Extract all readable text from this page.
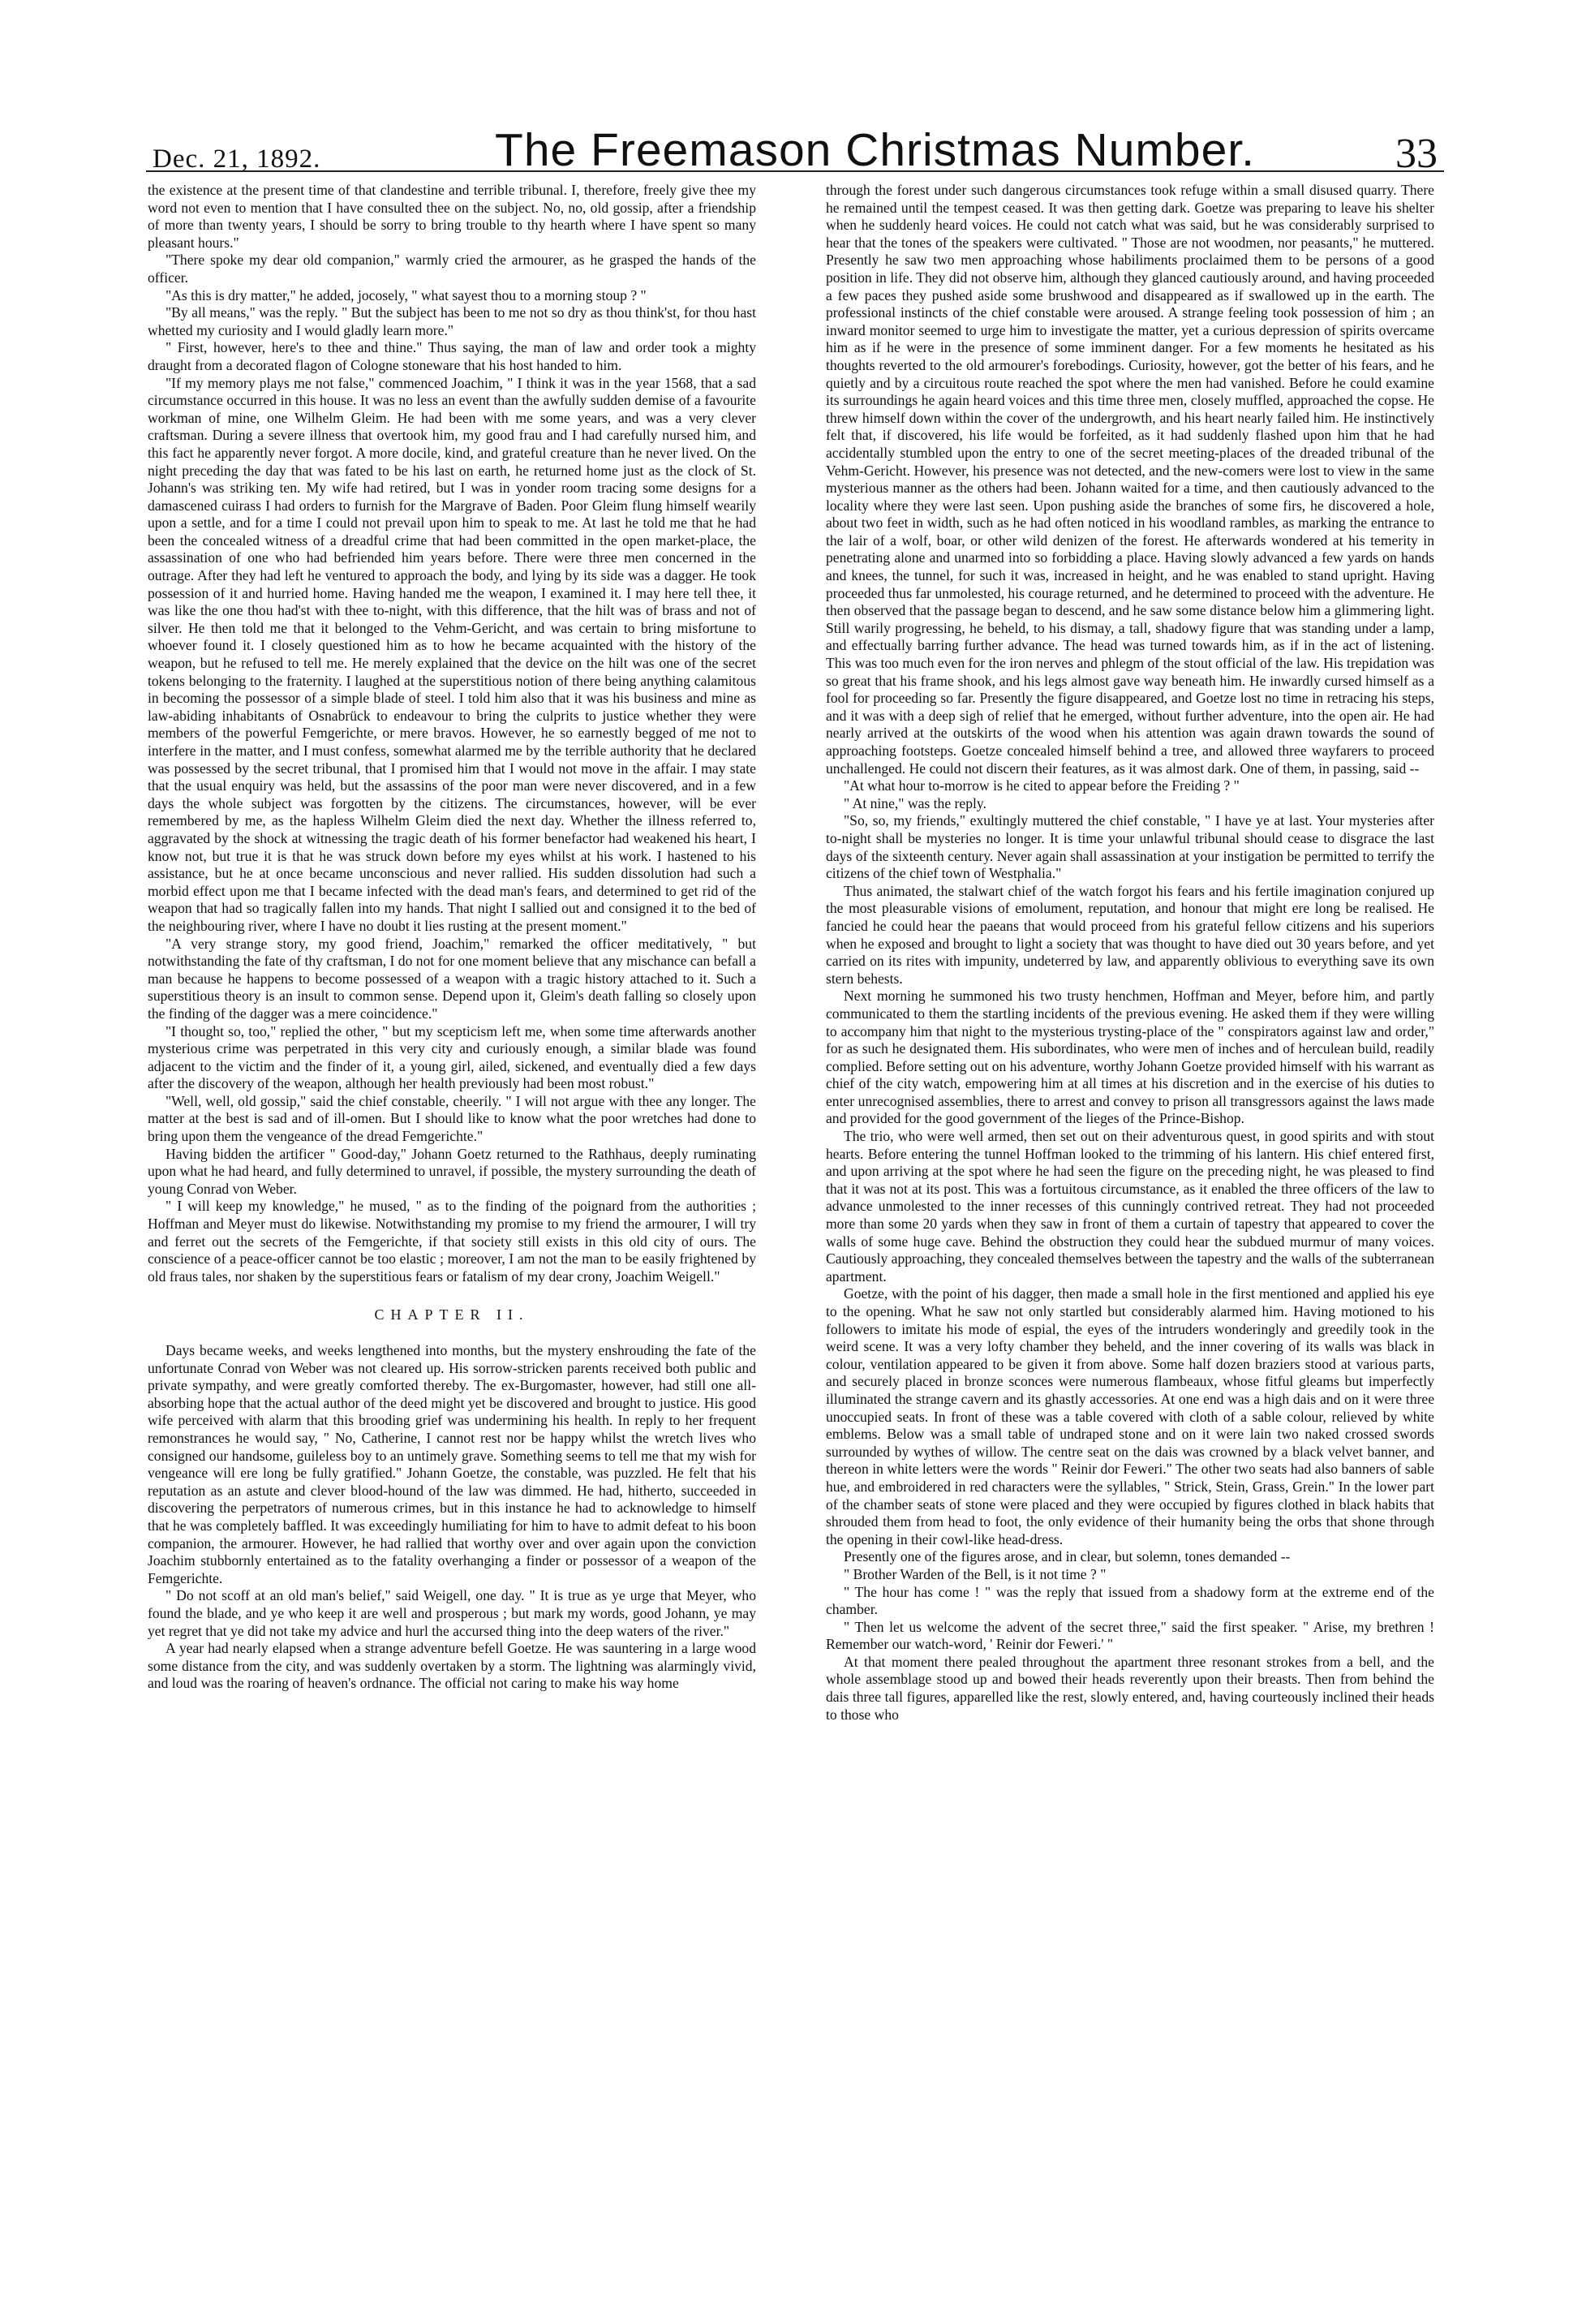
Dec. 21, 1892.	The Freemason Christmas Number.	33

the existence at the present time of that clandestine and terrible tribunal. I, therefore, freely give thee my word not even to mention that I have consulted thee on the subject. No, no, old gossip, after a friendship of more than twenty years, I should be sorry to bring trouble to thy hearth where I have spent so many pleasant hours."

"There spoke my dear old companion," warmly cried the armourer, as he grasped the hands of the officer.

"As this is dry matter," he added, jocosely, " what sayest thou to a morning stoup ? "

"By all means," was the reply. " But the subject has been to me not so dry as thou think'st, for thou hast whetted my curiosity and I would gladly learn more."

" First, however, here's to thee and thine." Thus saying, the man of law and order took a mighty draught from a decorated flagon of Cologne stoneware that his host handed to him.

"If my memory plays me not false," commenced Joachim, " I think it was in the year 1568, that a sad circumstance occurred in this house. It was no less an event than the awfully sudden demise of a favourite workman of mine, one Wilhelm Gleim. He had been with me some years, and was a very clever craftsman. During a severe illness that overtook him, my good frau and I had carefully nursed him, and this fact he apparently never forgot. A more docile, kind, and grateful creature than he never lived. On the night preceding the day that was fated to be his last on earth, he returned home just as the clock of St. Johann's was striking ten. My wife had retired, but I was in yonder room tracing some designs for a damascened cuirass I had orders to furnish for the Margrave of Baden. Poor Gleim flung himself wearily upon a settle, and for a time I could not prevail upon him to speak to me. At last he told me that he had been the concealed witness of a dreadful crime that had been committed in the open market-place, the assassination of one who had befriended him years before. There were three men concerned in the outrage. After they had left he ventured to approach the body, and lying by its side was a dagger. He took possession of it and hurried home. Having handed me the weapon, I examined it. I may here tell thee, it was like the one thou had'st with thee to-night, with this difference, that the hilt was of brass and not of silver. He then told me that it belonged to the Vehm-Gericht, and was certain to bring misfortune to whoever found it. I closely questioned him as to how he became acquainted with the history of the weapon, but he refused to tell me. He merely explained that the device on the hilt was one of the secret tokens belonging to the fraternity. I laughed at the superstitious notion of there being anything calamitous in becoming the possessor of a simple blade of steel. I told him also that it was his business and mine as law-abiding inhabitants of Osnabrück to endeavour to bring the culprits to justice whether they were members of the powerful Femgerichte, or mere bravos. However, he so earnestly begged of me not to interfere in the matter, and I must confess, somewhat alarmed me by the terrible authority that he declared was possessed by the secret tribunal, that I promised him that I would not move in the affair. I may state that the usual enquiry was held, but the assassins of the poor man were never discovered, and in a few days the whole subject was forgotten by the citizens. The circumstances, however, will be ever remembered by me, as the hapless Wilhelm Gleim died the next day. Whether the illness referred to, aggravated by the shock at witnessing the tragic death of his former benefactor had weakened his heart, I know not, but true it is that he was struck down before my eyes whilst at his work. I hastened to his assistance, but he at once became unconscious and never rallied. His sudden dissolution had such a morbid effect upon me that I became infected with the dead man's fears, and determined to get rid of the weapon that had so tragically fallen into my hands. That night I sallied out and consigned it to the bed of the neighbouring river, where I have no doubt it lies rusting at the present moment."

"A very strange story, my good friend, Joachim," remarked the officer meditatively, " but notwithstanding the fate of thy craftsman, I do not for one moment believe that any mischance can befall a man because he happens to become possessed of a weapon with a tragic history attached to it. Such a superstitious theory is an insult to common sense. Depend upon it, Gleim's death falling so closely upon the finding of the dagger was a mere coincidence."

"I thought so, too," replied the other, " but my scepticism left me, when some time afterwards another mysterious crime was perpetrated in this very city and curiously enough, a similar blade was found adjacent to the victim and the finder of it, a young girl, ailed, sickened, and eventually died a few days after the discovery of the weapon, although her health previously had been most robust."

"Well, well, old gossip," said the chief constable, cheerily. " I will not argue with thee any longer. The matter at the best is sad and of ill-omen. But I should like to know what the poor wretches had done to bring upon them the vengeance of the dread Femgerichte."

Having bidden the artificer " Good-day," Johann Goetz returned to the Rathhaus, deeply ruminating upon what he had heard, and fully determined to unravel, if possible, the mystery surrounding the death of young Conrad von Weber.

" I will keep my knowledge," he mused, " as to the finding of the poignard from the authorities ; Hoffman and Meyer must do likewise. Notwithstanding my promise to my friend the armourer, I will try and ferret out the secrets of the Femgerichte, if that society still exists in this old city of ours. The conscience of a peace-officer cannot be too elastic ; moreover, I am not the man to be easily frightened by old fraus tales, nor shaken by the superstitious fears or fatalism of my dear crony, Joachim Weigell."

CHAPTER II.

Days became weeks, and weeks lengthened into months, but the mystery enshrouding the fate of the unfortunate Conrad von Weber was not cleared up. His sorrow-stricken parents received both public and private sympathy, and were greatly comforted thereby. The ex-Burgomaster, however, had still one all-absorbing hope that the actual author of the deed might yet be discovered and brought to justice. His good wife perceived with alarm that this brooding grief was undermining his health. In reply to her frequent remonstrances he would say, " No, Catherine, I cannot rest nor be happy whilst the wretch lives who consigned our handsome, guileless boy to an untimely grave. Something seems to tell me that my wish for vengeance will ere long be fully gratified." Johann Goetze, the constable, was puzzled. He felt that his reputation as an astute and clever blood-hound of the law was dimmed. He had, hitherto, succeeded in discovering the perpetrators of numerous crimes, but in this instance he had to acknowledge to himself that he was completely baffled. It was exceedingly humiliating for him to have to admit defeat to his boon companion, the armourer. However, he had rallied that worthy over and over again upon the conviction Joachim stubbornly entertained as to the fatality overhanging a finder or possessor of a weapon of the Femgerichte.

" Do not scoff at an old man's belief," said Weigell, one day. " It is true as ye urge that Meyer, who found the blade, and ye who keep it are well and prosperous ; but mark my words, good Johann, ye may yet regret that ye did not take my advice and hurl the accursed thing into the deep waters of the river."

A year had nearly elapsed when a strange adventure befell Goetze. He was sauntering in a large wood some distance from the city, and was suddenly overtaken by a storm. The lightning was alarmingly vivid, and loud was the roaring of heaven's ordnance. The official not caring to make his way home

through the forest under such dangerous circumstances took refuge within a small disused quarry. There he remained until the tempest ceased. It was then getting dark. Goetze was preparing to leave his shelter when he suddenly heard voices. He could not catch what was said, but he was considerably surprised to hear that the tones of the speakers were cultivated. " Those are not woodmen, nor peasants," he muttered. Presently he saw two men approaching whose habiliments proclaimed them to be persons of a good position in life. They did not observe him, although they glanced cautiously around, and having proceeded a few paces they pushed aside some brushwood and disappeared as if swallowed up in the earth. The professional instincts of the chief constable were aroused. A strange feeling took possession of him ; an inward monitor seemed to urge him to investigate the matter, yet a curious depression of spirits overcame him as if he were in the presence of some imminent danger. For a few moments he hesitated as his thoughts reverted to the old armourer's forebodings. Curiosity, however, got the better of his fears, and he quietly and by a circuitous route reached the spot where the men had vanished. Before he could examine its surroundings he again heard voices and this time three men, closely muffled, approached the copse. He threw himself down within the cover of the undergrowth, and his heart nearly failed him. He instinctively felt that, if discovered, his life would be forfeited, as it had suddenly flashed upon him that he had accidentally stumbled upon the entry to one of the secret meeting-places of the dreaded tribunal of the Vehm-Gericht. However, his presence was not detected, and the new-comers were lost to view in the same mysterious manner as the others had been. Johann waited for a time, and then cautiously advanced to the locality where they were last seen. Upon pushing aside the branches of some firs, he discovered a hole, about two feet in width, such as he had often noticed in his woodland rambles, as marking the entrance to the lair of a wolf, boar, or other wild denizen of the forest. He afterwards wondered at his temerity in penetrating alone and unarmed into so forbidding a place. Having slowly advanced a few yards on hands and knees, the tunnel, for such it was, increased in height, and he was enabled to stand upright. Having proceeded thus far unmolested, his courage returned, and he determined to proceed with the adventure. He then observed that the passage began to descend, and he saw some distance below him a glimmering light. Still warily progressing, he beheld, to his dismay, a tall, shadowy figure that was standing under a lamp, and effectually barring further advance. The head was turned towards him, as if in the act of listening. This was too much even for the iron nerves and phlegm of the stout official of the law. His trepidation was so great that his frame shook, and his legs almost gave way beneath him. He inwardly cursed himself as a fool for proceeding so far. Presently the figure disappeared, and Goetze lost no time in retracing his steps, and it was with a deep sigh of relief that he emerged, without further adventure, into the open air. He had nearly arrived at the outskirts of the wood when his attention was again drawn towards the sound of approaching footsteps. Goetze concealed himself behind a tree, and allowed three wayfarers to proceed unchallenged. He could not discern their features, as it was almost dark. One of them, in passing, said --

"At what hour to-morrow is he cited to appear before the Freiding ? "

" At nine," was the reply.

"So, so, my friends," exultingly muttered the chief constable, " I have ye at last. Your mysteries after to-night shall be mysteries no longer. It is time your unlawful tribunal should cease to disgrace the last days of the sixteenth century. Never again shall assassination at your instigation be permitted to terrify the citizens of the chief town of Westphalia."

Thus animated, the stalwart chief of the watch forgot his fears and his fertile imagination conjured up the most pleasurable visions of emolument, reputation, and honour that might ere long be realised. He fancied he could hear the paeans that would proceed from his grateful fellow citizens and his superiors when he exposed and brought to light a society that was thought to have died out 30 years before, and yet carried on its rites with impunity, undeterred by law, and apparently oblivious to everything save its own stern behests.

Next morning he summoned his two trusty henchmen, Hoffman and Meyer, before him, and partly communicated to them the startling incidents of the previous evening. He asked them if they were willing to accompany him that night to the mysterious trysting-place of the " conspirators against law and order," for as such he designated them. His subordinates, who were men of inches and of herculean build, readily complied. Before setting out on his adventure, worthy Johann Goetze provided himself with his warrant as chief of the city watch, empowering him at all times at his discretion and in the exercise of his duties to enter unrecognised assemblies, there to arrest and convey to prison all transgressors against the laws made and provided for the good government of the lieges of the Prince-Bishop.

The trio, who were well armed, then set out on their adventurous quest, in good spirits and with stout hearts. Before entering the tunnel Hoffman looked to the trimming of his lantern. His chief entered first, and upon arriving at the spot where he had seen the figure on the preceding night, he was pleased to find that it was not at its post. This was a fortuitous circumstance, as it enabled the three officers of the law to advance unmolested to the inner recesses of this cunningly contrived retreat. They had not proceeded more than some 20 yards when they saw in front of them a curtain of tapestry that appeared to cover the walls of some huge cave. Behind the obstruction they could hear the subdued murmur of many voices. Cautiously approaching, they concealed themselves between the tapestry and the walls of the subterranean apartment.

Goetze, with the point of his dagger, then made a small hole in the first mentioned and applied his eye to the opening. What he saw not only startled but considerably alarmed him. Having motioned to his followers to imitate his mode of espial, the eyes of the intruders wonderingly and greedily took in the weird scene. It was a very lofty chamber they beheld, and the inner covering of its walls was black in colour, ventilation appeared to be given it from above. Some half dozen braziers stood at various parts, and securely placed in bronze sconces were numerous flambeaux, whose fitful gleams but imperfectly illuminated the strange cavern and its ghastly accessories. At one end was a high dais and on it were three unoccupied seats. In front of these was a table covered with cloth of a sable colour, relieved by white emblems. Below was a small table of undraped stone and on it were lain two naked crossed swords surrounded by wythes of willow. The centre seat on the dais was crowned by a black velvet banner, and thereon in white letters were the words " Reinir dor Feweri." The other two seats had also banners of sable hue, and embroidered in red characters were the syllables, " Strick, Stein, Grass, Grein." In the lower part of the chamber seats of stone were placed and they were occupied by figures clothed in black habits that shrouded them from head to foot, the only evidence of their humanity being the orbs that shone through the opening in their cowl-like head-dress.

Presently one of the figures arose, and in clear, but solemn, tones demanded --

" Brother Warden of the Bell, is it not time ? "

" The hour has come ! " was the reply that issued from a shadowy form at the extreme end of the chamber.

" Then let us welcome the advent of the secret three," said the first speaker. " Arise, my brethren ! Remember our watch-word, ' Reinir dor Feweri.' "

At that moment there pealed throughout the apartment three resonant strokes from a bell, and the whole assemblage stood up and bowed their heads reverently upon their breasts. Then from behind the dais three tall figures, apparelled like the rest, slowly entered, and, having courteously inclined their heads to those who
